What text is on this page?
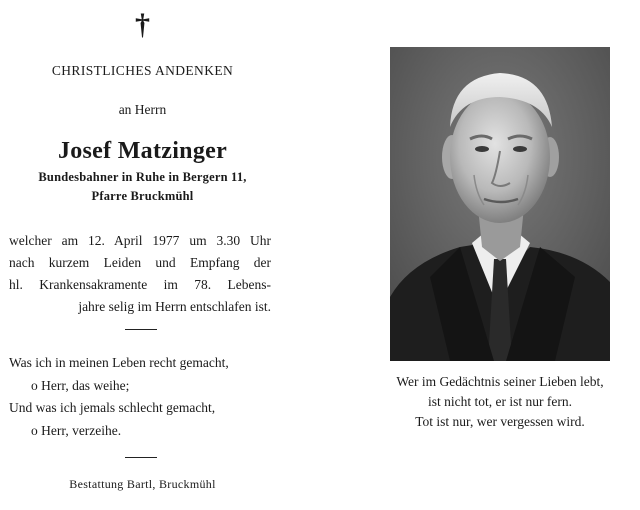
†
CHRISTLICHES ANDENKEN
an Herrn
Josef Matzinger
Bundesbahner in Ruhe in Bergern 11,
Pfarre Bruckmühl
welcher am 12. April 1977 um 3.30 Uhr
nach kurzem Leiden und Empfang der
hl. Krankensakramente im 78. Lebens-
jahre selig im Herrn entschlafen ist.
Was ich in meinen Leben recht gemacht,
o Herr, das weihe;
Und was ich jemals schlecht gemacht,
o Herr, verzeihe.
Bestattung Bartl, Bruckmühl
Wer im Gedächtnis seiner Lieben lebt,
ist nicht tot, er ist nur fern.
Tot ist nur, wer vergessen wird.
